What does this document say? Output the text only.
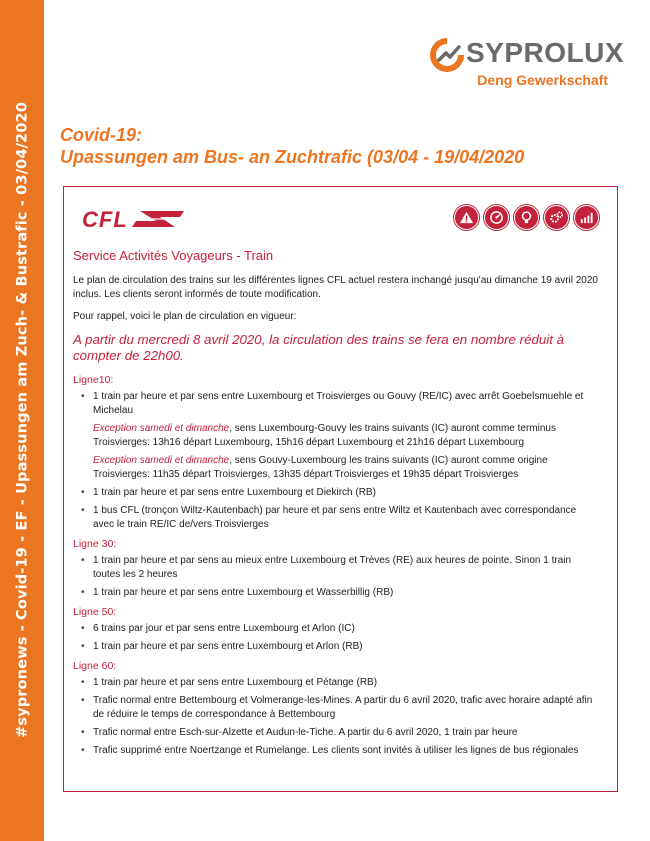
#sypronews - Covid-19 - EF - Upassungen am Zuch- & Bustrafic - 03/04/2020
SYPROLUX
Deng Gewerkschaft
Covid-19:
Upassungen am Bus- an Zuchtrafic (03/04 - 19/04/2020
CFL
Service Activités Voyageurs - Train

Le plan de circulation des trains sur les différentes lignes CFL actuel restera inchangé jusqu'au dimanche 19 avril 2020 inclus. Les clients seront informés de toute modification.

Pour rappel, voici le plan de circulation en vigueur:

A partir du mercredi 8 avril 2020, la circulation des trains se fera en nombre réduit à compter de 22h00.

Ligne10:
• 1 train par heure et par sens entre Luxembourg et Troisvierges ou Gouvy (RE/IC) avec arrêt Goebelsmuehle et Michelau
Exception samedi et dimanche, sens Luxembourg-Gouvy les trains suivants (IC) auront comme terminus Troisvierges: 13h16 départ Luxembourg, 15h16 départ Luxembourg et 21h16 départ Luxembourg
Exception samedi et dimanche, sens Gouvy-Luxembourg les trains suivants (IC) auront comme origine Troisvierges: 11h35 départ Troisvierges, 13h35 départ Troisvierges et 19h35 départ Troisvierges
• 1 train par heure et par sens entre Luxembourg et Diekirch (RB)
• 1 bus CFL (tronçon Wiltz-Kautenbach) par heure et par sens entre Wiltz et Kautenbach avec correspondance avec le train RE/IC de/vers Troisvierges
Ligne 30:
• 1 train par heure et par sens au mieux entre Luxembourg et Trèves (RE) aux heures de pointe. Sinon 1 train toutes les 2 heures
• 1 train par heure et par sens entre Luxembourg et Wasserbillig (RB)
Ligne 50:
• 6 trains par jour et par sens entre Luxembourg et Arlon (IC)
• 1 train par heure et par sens entre Luxembourg et Arlon (RB)
Ligne 60:
• 1 train par heure et par sens entre Luxembourg et Pétange (RB)
• Trafic normal entre Bettembourg et Volmerange-les-Mines. A partir du 6 avril 2020, trafic avec horaire adapté afin de réduire le temps de correspondance à Bettembourg
• Trafic normal entre Esch-sur-Alzette et Audun-le-Tiche. A partir du 6 avril 2020, 1 train par heure
• Trafic supprimé entre Noertzange et Rumelange. Les clients sont invités à utiliser les lignes de bus régionales
